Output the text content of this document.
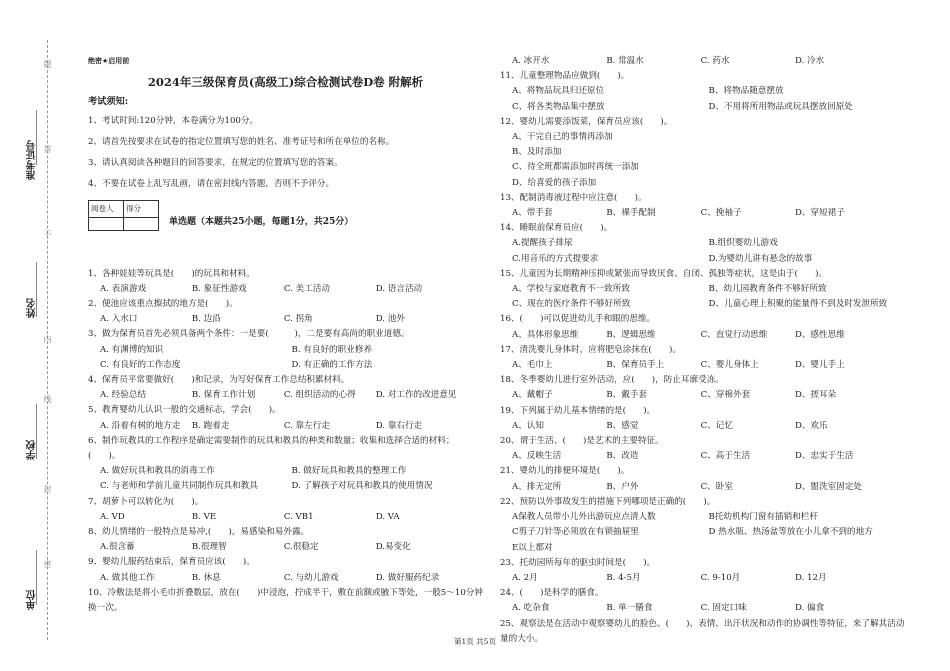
准考证号
姓名
学校
单位
题
答
不
内
线
封
密
绝密★启用前
2024年三级保育员(高级工)综合检测试卷D卷 附解析
考试须知:
1、考试时间:120分钟，本卷满分为100分。
2、请首先按要求在试卷的指定位置填写您的姓名、准考证号和所在单位的名称。
3、请认真阅读各种题目的回答要求，在规定的位置填写您的答案。
4、不要在试卷上乱写乱画，请在密封线内答题，否则不予评分。
阅卷人	得分

单选题（本题共25小题，每题1分，共25分）
1、各种娃娃等玩具是(　　)的玩具和材料。
A. 表演游戏	B. 象征性游戏	C. 美工活动	D. 语言活动
2、便池应该重点擦拭的地方是(　　)。
A. 入水口	B. 边沿	C. 拐角	D. 池外
3、做为保育员首先必须具备两个条件：一是要(　　　)，二是要有高尚的职业道德。
A. 有渊博的知识	B. 有良好的职业修养
C. 有良好的工作态度	D. 有正确的工作方法
4、保育员平常要做好(　　)和记录，为写好保育工作总结积累材料。
A. 经验总结	B. 保育工作计划	C. 组织活动的心得	D. 对工作的改进意见
5、教育婴幼儿认识一般的交通标志，学会(　　)。
A. 沿着有树的地方走	B. 跑着走	C. 靠左行走	D. 靠右行走
6、制作玩教具的工作程序是确定需要制作的玩具和教具的种类和数量；收集和选择合适的材料；(　　)。
A. 做好玩具和教具的消毒工作	B. 做好玩具和教具的整理工作
C. 与老师和学前儿童共同制作玩具和教具	D. 了解孩子对玩具和教具的使用情况
7、胡萝卜可以转化为(　　)。
A. VD	B. VE	C. VB1	D. VA
8、幼儿情绪的一般特点是易冲,(　　)，易感染和易外露。
A.很含蓄	B.很理智	C.很稳定	D.易变化
9、婴幼儿服药结束后，保育员应该(　　)。
A. 做其他工作	B. 休息	C. 与幼儿游戏	D. 做好服药纪录
10、冷敷法是将小毛巾折叠数层，放在(　　)中浸泡，拧成半干，敷在前额或腋下等处，一般5～10分钟换一次。
A. 冰开水	B. 常温水	C. 药水	D. 冷水
11、儿童整理物品应做到(　　)。
A、将物品玩具归还原位	B、将物品随意摆放
C、将各类物品集中摆放	D、不用将所用物品或玩具摆放回原处
12、婴幼儿需要添饭菜，保育员应该(　　)。
A、干完自己的事情再添加
B、及时添加
C、待全班都需添加时再统一添加
D、给喜爱的孩子添加
13、配制消毒液过程中应注意(　　)。
A、带手套	B、裸手配制	C、挽袖子	D、穿短裙子
14、睡眠前保育员应(　　)。
A.提醒孩子排尿	B.组织婴幼儿游戏
C.用音乐的方式提要求	D.为婴幼儿讲有悬念的故事
15、儿童因为长期精神压抑或紧张而导致厌食、自闭、孤独等症状，这是由于(　　)。
A、学校与家庭教育不一致所致	B、幼儿园教育条件不够好所致
C、现在的医疗条件不够好所致	D、儿童心理上积聚的能量得不到及时发泄所致
16、(　　)可以促进幼儿手和眼的思维。
A、具体形象思维	B、逻辑思维	C、直觉行动思维	D、感性思维
17、清洗婴儿身体时，应将肥皂涂抹在(　　)。
A、毛巾上	B、保育员手上	C、婴儿身体上	D、婴儿手上
18、冬季婴幼儿进行室外活动，应(　　)，防止耳廓受冻。
A、戴帽子	B、戴手套	C、穿棉外套	D、搓耳朵
19、下列属于幼儿基本情绪的是(　　)。
A、认知	B、感觉	C、记忆	D、欢乐
20、谓于生活、(　　)是艺术的主要特征。
A、反映生活	B、改造	C、高于生活	D、忠实于生活
21、婴幼儿的排便环境是(　　)。
A、排无定所	B、户外	C、卧室	D、盥洗室固定处
22、预防以外事故发生的措施下列哪项是正确的(　　)。
A保教人员带小儿外出游玩应点清人数	B托幼机构门窗有插销和栏杆
C剪子刀针等必须放在有锁抽屉里	D 热水瓶、热汤盆等放在小儿拿不到的地方
E以上都对
23、托幼园所每年的驱虫时间是(　　)。
A. 2月	B. 4-5月	C. 9-10月	D. 12月
24、(　　)是科学的膳食。
A. 吃杂食	B. 单一膳食	C. 固定口味	D. 偏食
25、观察法是在活动中观察婴幼儿的脸色、(　　)、表情、出汗状况和动作的协调性等特征，来了解其活动量的大小。
第1页 共5页
